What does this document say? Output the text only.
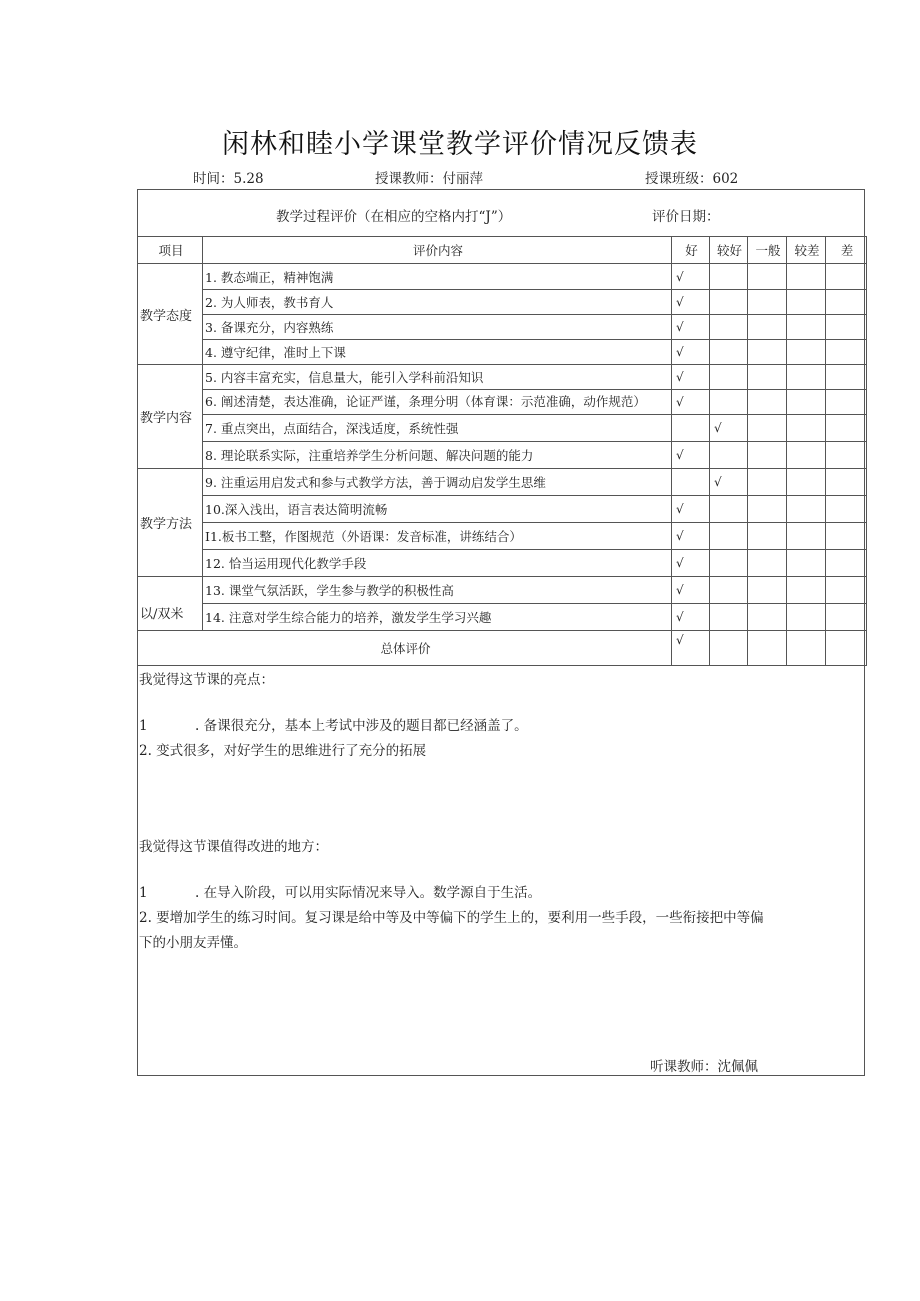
闲林和睦小学课堂教学评价情况反馈表
时间：5.28	授课教师：付丽萍	授课班级：602
教学过程评价（在相应的空格内打“J”）	评价日期：
项目	评价内容	好	较好	一般	较差	差
教学态度	1. 教态端正，精神饱满	√				
	2. 为人师表，教书育人	√				
	3. 备课充分，内容熟练	√				
	4. 遵守纪律，准时上下课	√				
教学内容	5. 内容丰富充实，信息量大，能引入学科前沿知识	√				
	6. 阐述清楚，表达准确，论证严谨，条理分明（体育课：示范准确，动作规范）	√				
	7. 重点突出，点面结合，深浅适度，系统性强		√			
	8. 理论联系实际，注重培养学生分析问题、解决问题的能力	√				
教学方法	9. 注重运用启发式和参与式教学方法，善于调动启发学生思维		√			
	10.深入浅出，语言表达简明流畅	√				
	I1.板书工整，作图规范（外语课：发音标准，讲练结合）	√				
	12. 恰当运用现代化教学手段	√				
以/双米	13. 课堂气氛活跃，学生参与教学的积极性高	√				
	14. 注意对学生综合能力的培养，激发学生学习兴趣	√				
总体评价		√				
我觉得这节课的亮点：
1	. 备课很充分，基本上考试中涉及的题目都已经涵盖了。
2. 变式很多，对好学生的思维进行了充分的拓展
我觉得这节课值得改进的地方：
1	. 在导入阶段，可以用实际情况来导入。数学源自于生活。
2. 要增加学生的练习时间。复习课是给中等及中等偏下的学生上的，要利用一些手段，一些衔接把中等偏
下的小朋友弄懂。
听课教师：沈佩佩
